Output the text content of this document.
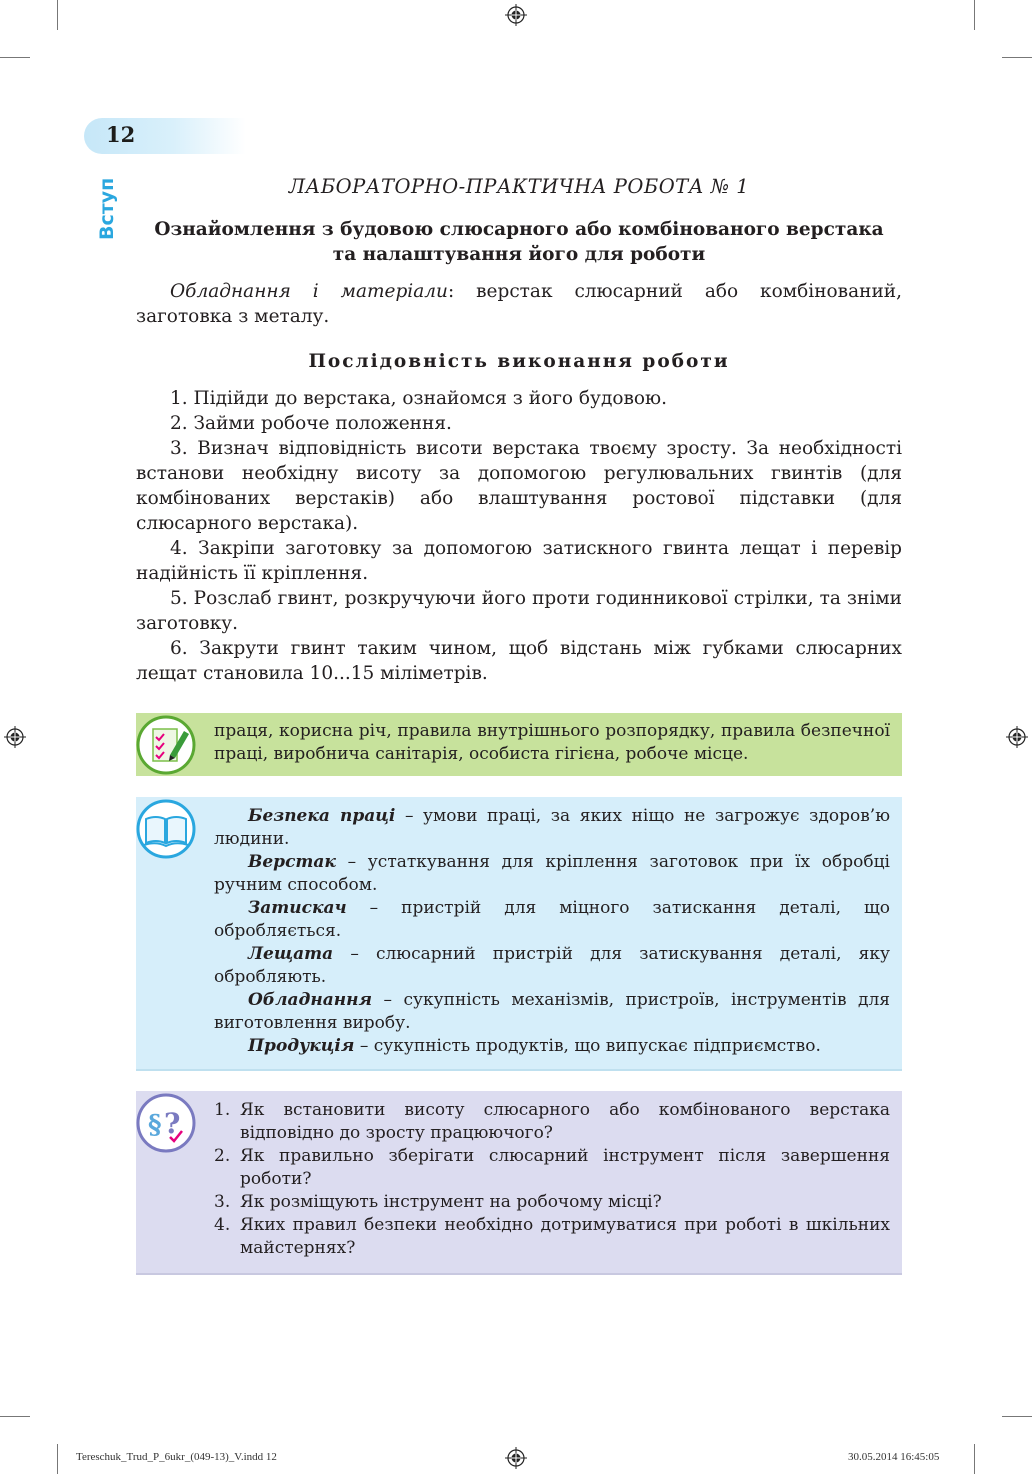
12
Вступ	ЛАБОРАТОРНО-ПРАКТИЧНА РОБОТА № 1
Ознайомлення з будовою слюсарного або комбінованого верстака
та налаштування його для роботи
Обладнання і матеріали: верстак слюсарний або комбінований, заготовка з металу.
Послідовність виконання роботи

1. Підійди до верстака, ознайомся з його будовою.

2. Займи робоче положення.

3. Визнач відповідність висоти верстака твоєму зросту. За необхідності встанови необхідну висоту за допомогою регулювальних гвинтів (для комбінованих верстаків) або влаштування ростової підставки (для слюсарного верстака).

4. Закріпи заготовку за допомогою затискного гвинта лещат і перевір надійність її кріплення.

5. Розслаб гвинт, розкручуючи його проти годинникової стрілки, та зніми заготовку.

6. Закрути гвинт таким чином, щоб відстань між губками слюсарних лещат становила 10...15 міліметрів.

праця, корисна річ, правила внутрішнього розпорядку, правила безпечної праці, виробнича санітарія, особиста гігієна, робоче місце.

Безпека праці – умови праці, за яких ніщо не загрожує здоров’ю людини.

Верстак – устаткування для кріплення заготовок при їх обробці ручним способом.

Затискач – пристрій для міцного затискання деталі, що обробляється.

Лещата – слюсарний пристрій для затискування деталі, яку обробляють.

Обладнання – сукупність механізмів, пристроїв, інструментів для виготовлення виробу.

Продукція – сукупність продуктів, що випускає підприємство.

§ ? 1. Як встановити висоту слюсарного або комбінованого верстака відповідно до зросту працюючого?
2. Як правильно зберігати слюсарний інструмент після завершення роботи?
3. Як розміщують інструмент на робочому місці?
4. Яких правил безпеки необхідно дотримуватися при роботі в шкільних майстернях?
Tereschuk_Trud_P_6ukr_(049-13)_V.indd 12	30.05.2014 16:45:05
